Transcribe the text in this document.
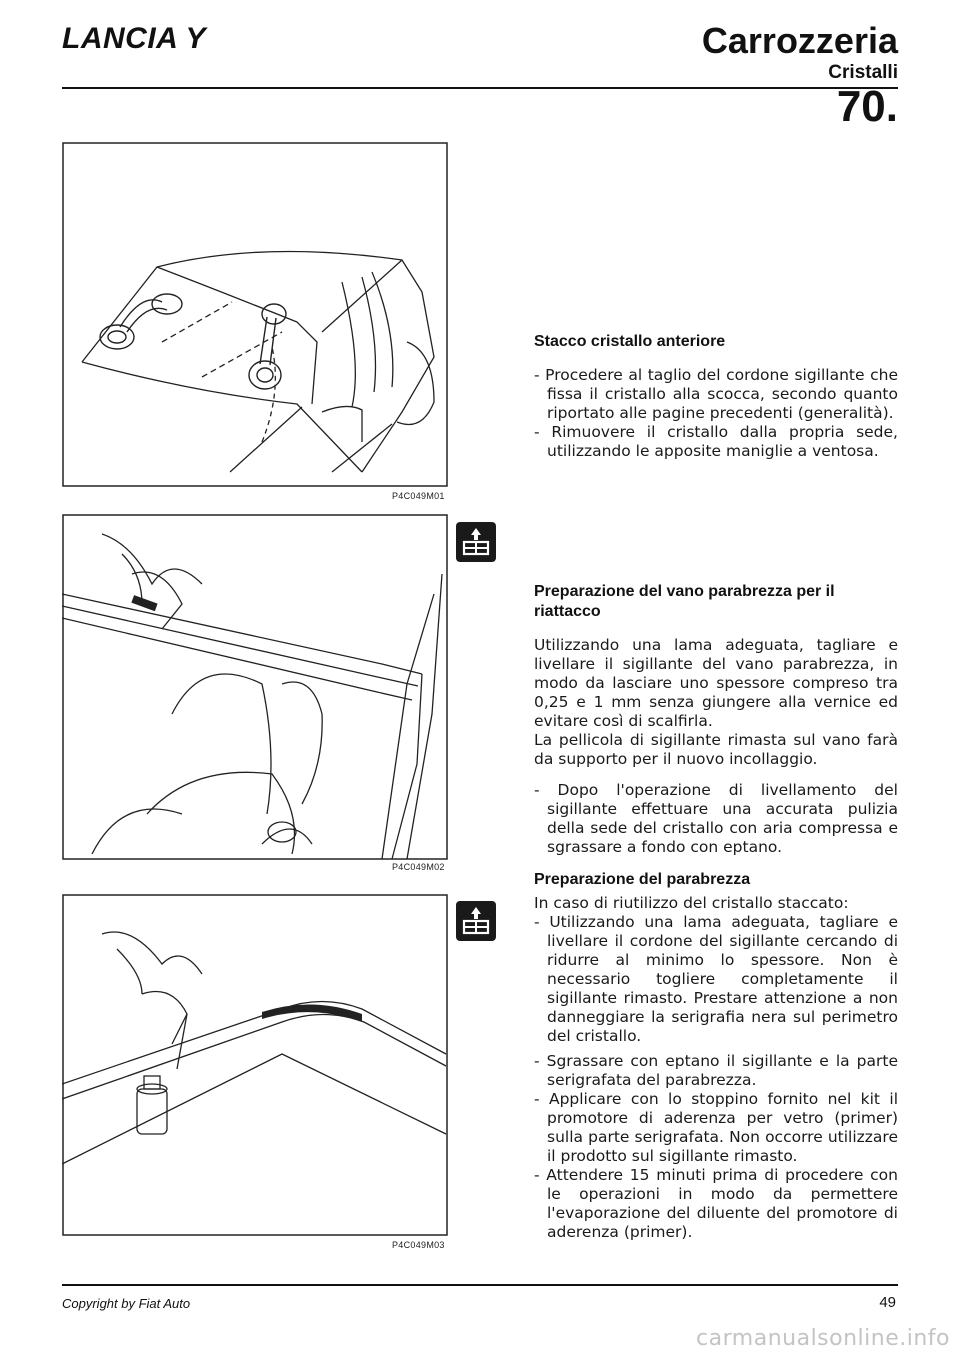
LANCIA Y	Carrozzeria
Cristalli
70.
P4C049M01
P4C049M02
P4C049M03

Stacco cristallo anteriore

- Procedere al taglio del cordone sigillante che fissa il cristallo alla scocca, secondo quanto riportato alle pagine precedenti (generalità).

- Rimuovere il cristallo dalla propria sede, utilizzando le apposite maniglie a ventosa.

Preparazione del vano parabrezza per il riattacco

Utilizzando una lama adeguata, tagliare e livellare il sigillante del vano parabrezza, in modo da lasciare uno spessore compreso tra 0,25 e 1 mm senza giungere alla vernice ed evitare così di scalfirla.

La pellicola di sigillante rimasta sul vano farà da supporto per il nuovo incollaggio.

- Dopo l'operazione di livellamento del sigillante effettuare una accurata pulizia della sede del cristallo con aria compressa e sgrassare a fondo con eptano.

Preparazione del parabrezza

In caso di riutilizzo del cristallo staccato:

- Utilizzando una lama adeguata, tagliare e livellare il cordone del sigillante cercando di ridurre al minimo lo spessore. Non è necessario togliere completamente il sigillante rimasto. Prestare attenzione a non danneggiare la serigrafia nera sul perimetro del cristallo.

- Sgrassare con eptano il sigillante e la parte serigrafata del parabrezza.

- Applicare con lo stoppino fornito nel kit il promotore di aderenza per vetro (primer) sulla parte serigrafata. Non occorre utilizzare il prodotto sul sigillante rimasto.

- Attendere 15 minuti prima di procedere con le operazioni in modo da permettere l'evaporazione del diluente del promotore di aderenza (primer).

Copyright by Fiat Auto	49
carmanualsonline.info
